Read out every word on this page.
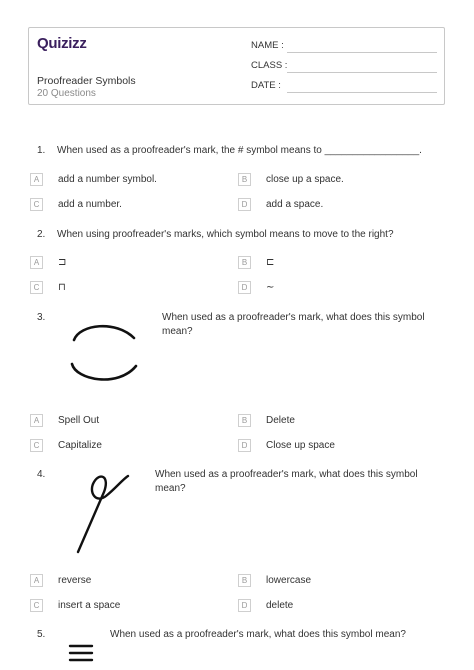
Quizizz
Proofreader Symbols
20 Questions
NAME :
CLASS :
DATE :
1. When used as a proofreader's mark, the # symbol means to _________________.
A	add a number symbol.	B	close up a space.
C	add a number.	D	add a space.
2. When using proofreader's marks, which symbol means to move to the right?
A	⊐	B	⊏
C	⊓	D	∼
3.	When used as a proofreader's mark, what does this symbol
mean?
A	Spell Out	B	Delete
C	Capitalize	D	Close up space
4.	When used as a proofreader's mark, what does this symbol
mean?
A	reverse	B	lowercase
C	insert a space	D	delete
5.	When used as a proofreader's mark, what does this symbol mean?
